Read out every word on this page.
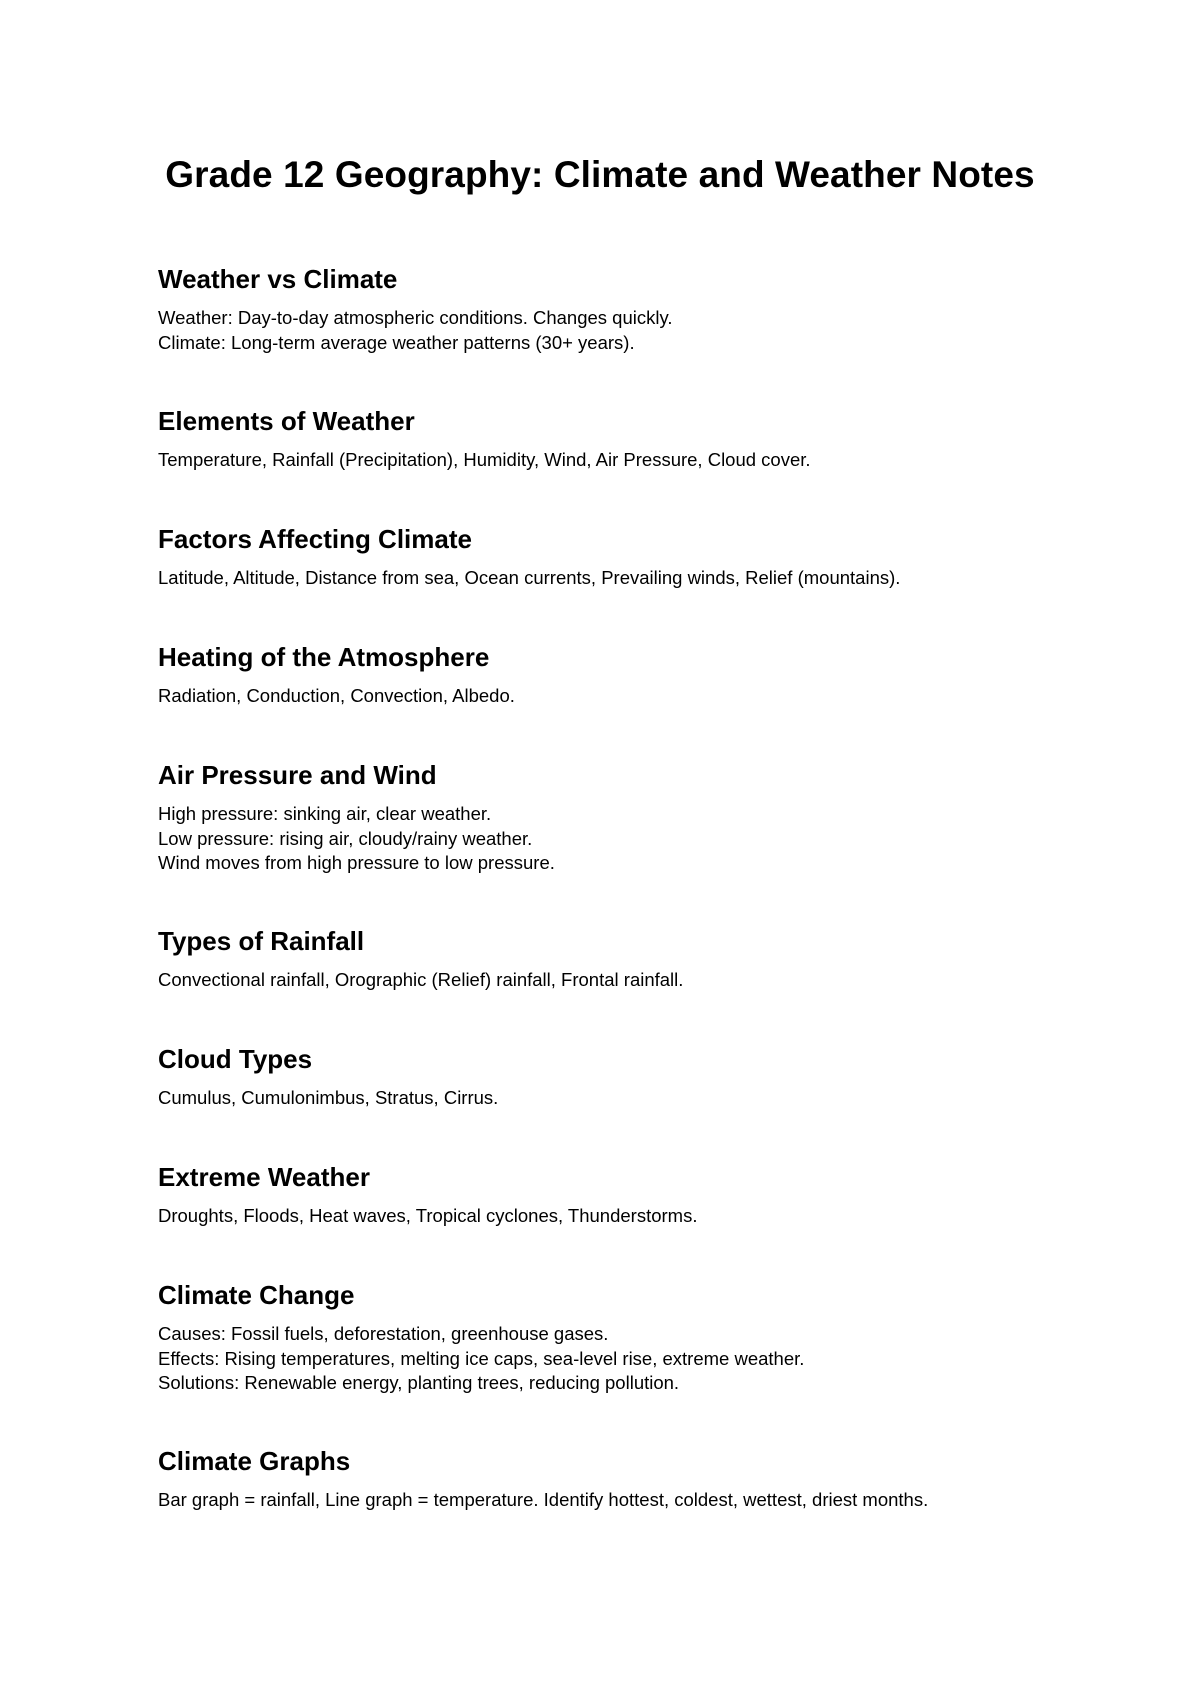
Grade 12 Geography: Climate and Weather Notes
Weather vs Climate
Weather: Day-to-day atmospheric conditions. Changes quickly.
Climate: Long-term average weather patterns (30+ years).
Elements of Weather
Temperature, Rainfall (Precipitation), Humidity, Wind, Air Pressure, Cloud cover.
Factors Affecting Climate
Latitude, Altitude, Distance from sea, Ocean currents, Prevailing winds, Relief (mountains).
Heating of the Atmosphere
Radiation, Conduction, Convection, Albedo.
Air Pressure and Wind
High pressure: sinking air, clear weather.
Low pressure: rising air, cloudy/rainy weather.
Wind moves from high pressure to low pressure.
Types of Rainfall
Convectional rainfall, Orographic (Relief) rainfall, Frontal rainfall.
Cloud Types
Cumulus, Cumulonimbus, Stratus, Cirrus.
Extreme Weather
Droughts, Floods, Heat waves, Tropical cyclones, Thunderstorms.
Climate Change
Causes: Fossil fuels, deforestation, greenhouse gases.
Effects: Rising temperatures, melting ice caps, sea-level rise, extreme weather.
Solutions: Renewable energy, planting trees, reducing pollution.
Climate Graphs
Bar graph = rainfall, Line graph = temperature. Identify hottest, coldest, wettest, driest months.
